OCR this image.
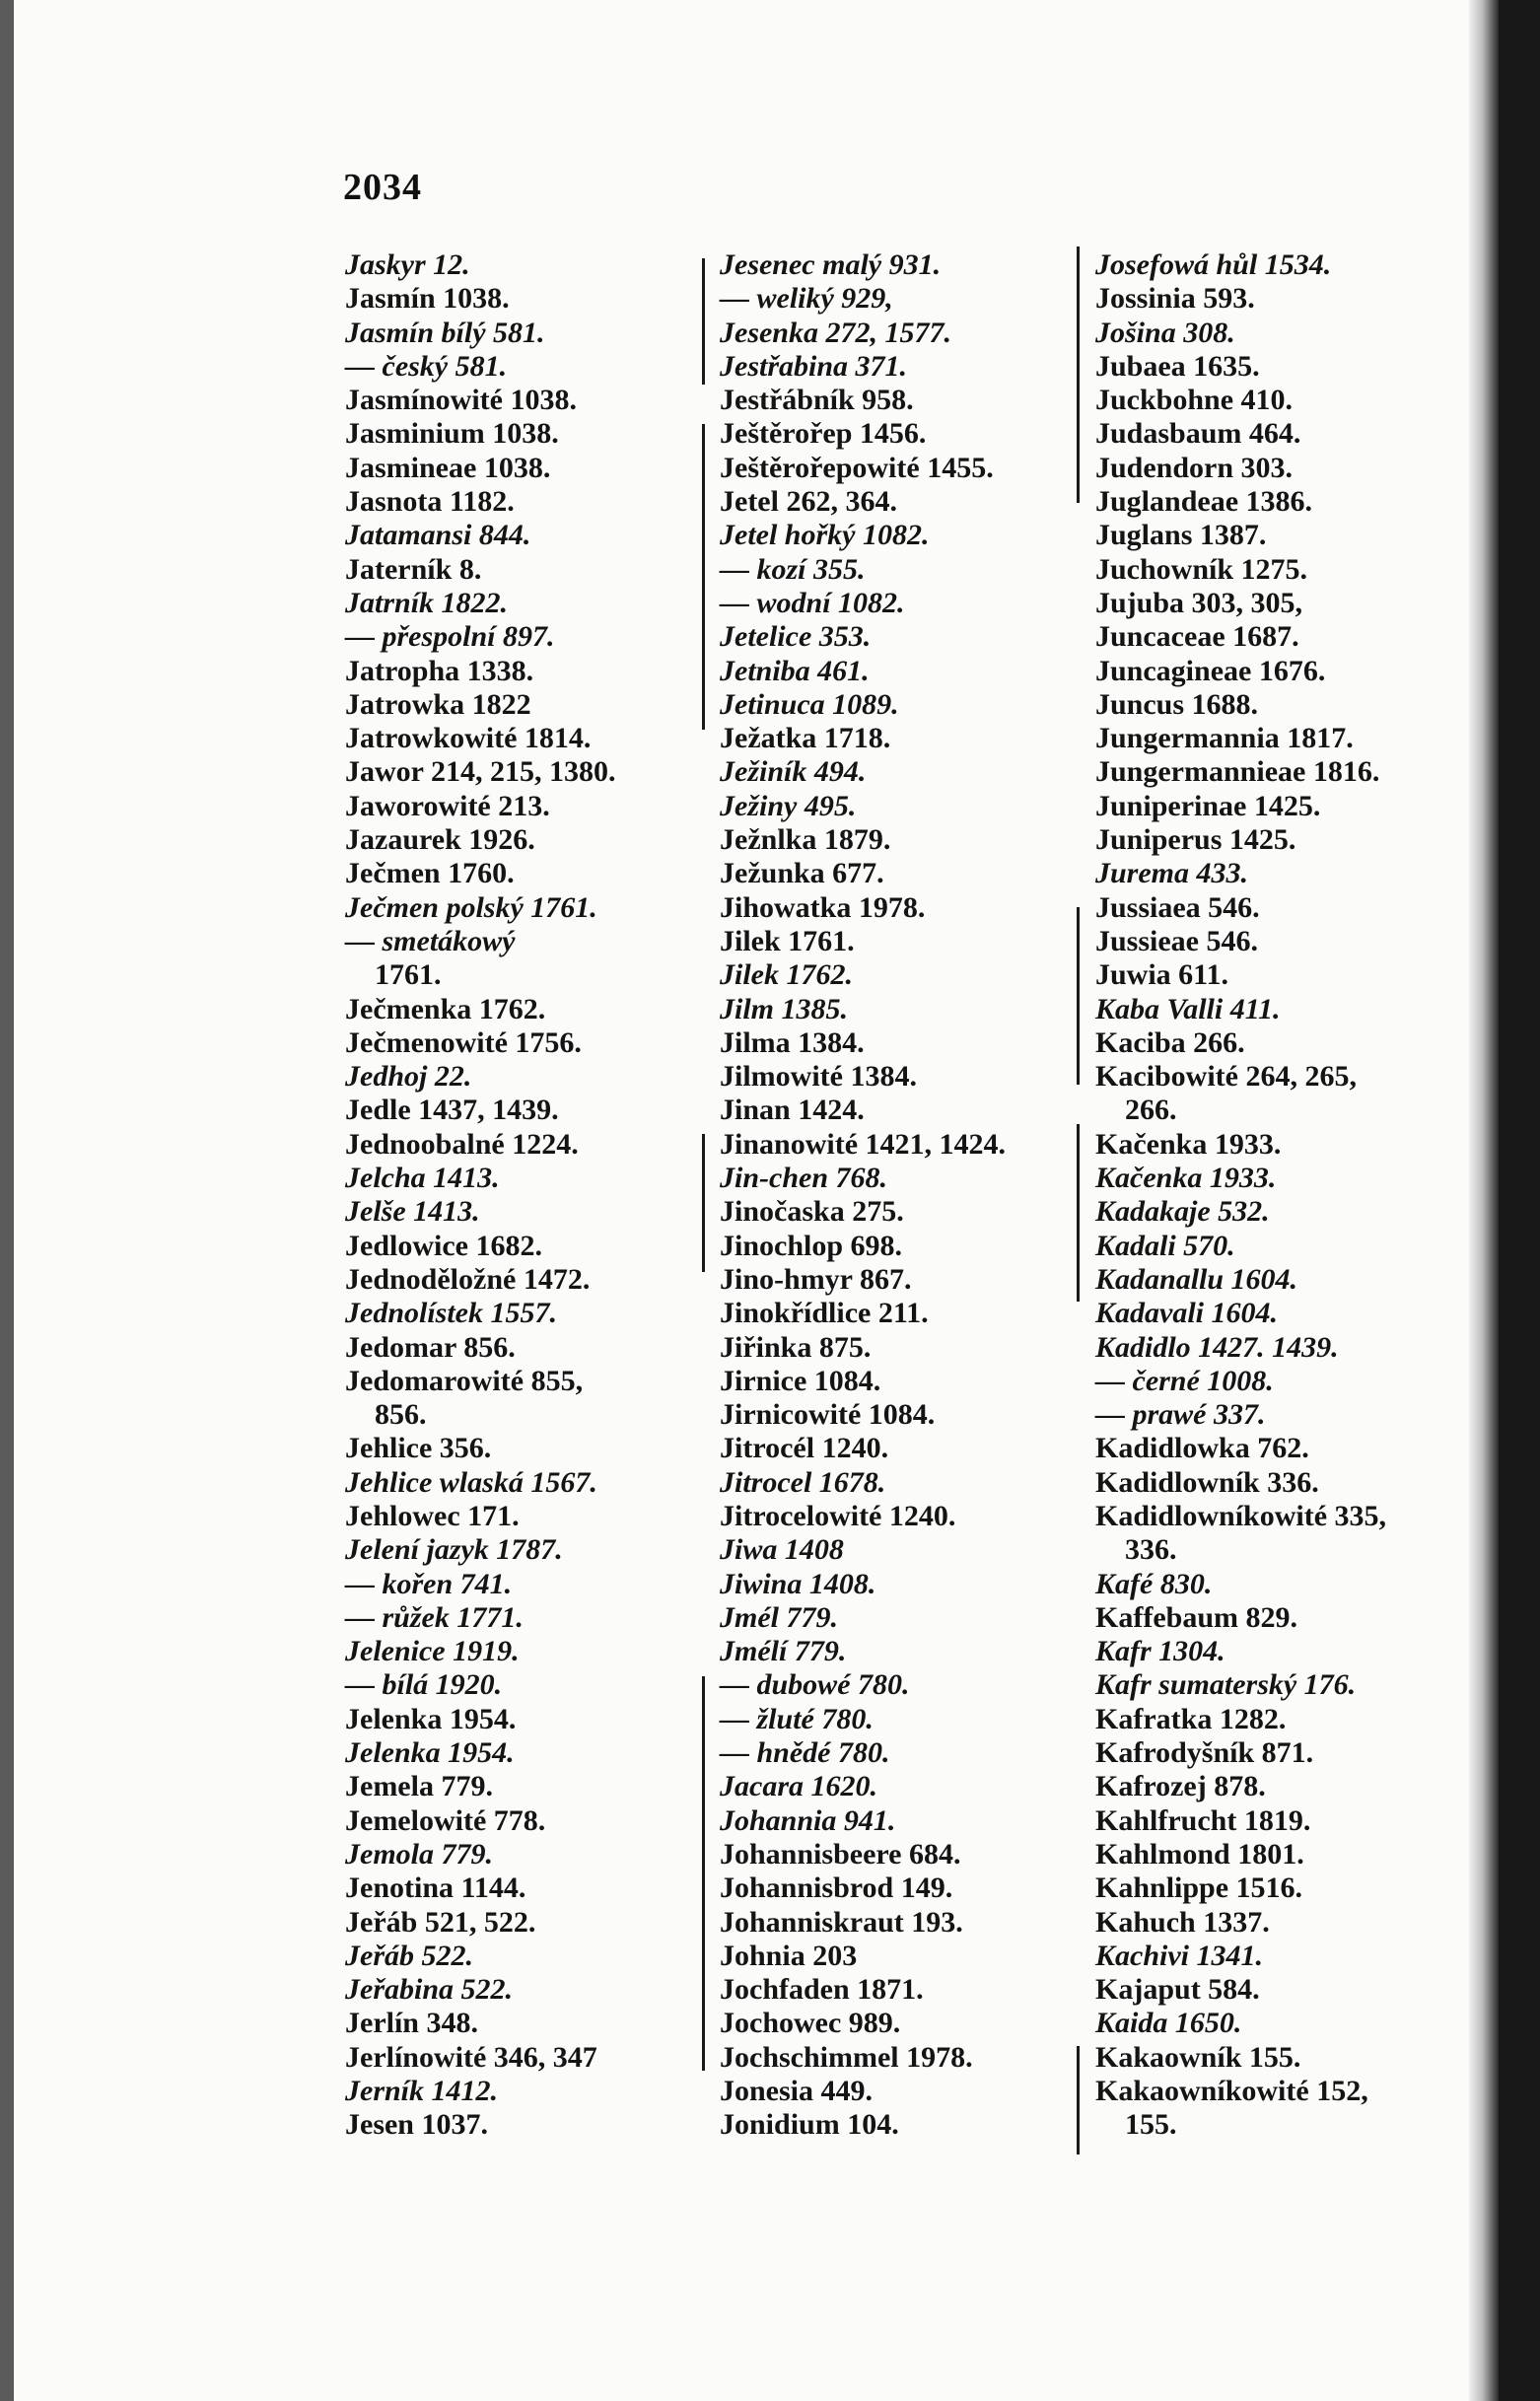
2034
Jaskyr 12.
Jasmín 1038.
Jasmín bílý 581.
— český 581.
Jasmínowité 1038.
Jasminium 1038.
Jasmineae 1038.
Jasnota 1182.
Jatamansi 844.
Jaterník 8.
Jatrník 1822.
— přespolní 897.
Jatropha 1338.
Jatrowka 1822
Jatrowkowité 1814.
Jawor 214, 215, 1380.
Jaworowité 213.
Jazaurek 1926.
Ječmen 1760.
Ječmen polský 1761.
— smetákowý
1761.
Ječmenka 1762.
Ječmenowité 1756.
Jedhoj 22.
Jedle 1437, 1439.
Jednoobalné 1224.
Jelcha 1413.
Jelše 1413.
Jedlowice 1682.
Jednoděložné 1472.
Jednolístek 1557.
Jedomar 856.
Jedomarowité 855,
856.
Jehlice 356.
Jehlice wlaská 1567.
Jehlowec 171.
Jelení jazyk 1787.
— kořen 741.
— růžek 1771.
Jelenice 1919.
— bílá 1920.
Jelenka 1954.
Jelenka 1954.
Jemela 779.
Jemelowité 778.
Jemola 779.
Jenotina 1144.
Jeřáb 521, 522.
Jeřáb 522.
Jeřabina 522.
Jerlín 348.
Jerlínowité 346, 347
Jerník 1412.
Jesen 1037.
Jesenec malý 931.
— weliký 929,
Jesenka 272, 1577.
Jestřabina 371.
Jestřábník 958.
Ještěrořep 1456.
Ještěrořepowité 1455.
Jetel 262, 364.
Jetel hořký 1082.
— kozí 355.
— wodní 1082.
Jetelice 353.
Jetniba 461.
Jetinuca 1089.
Ježatka 1718.
Ježiník 494.
Ježiny 495.
Ježnlka 1879.
Ježunka 677.
Jihowatka 1978.
Jilek 1761.
Jilek 1762.
Jilm 1385.
Jilma 1384.
Jilmowité 1384.
Jinan 1424.
Jinanowité 1421, 1424.
Jin-chen 768.
Jinočaska 275.
Jinochlop 698.
Jino-hmyr 867.
Jinokřídlice 211.
Jiřinka 875.
Jirnice 1084.
Jirnicowité 1084.
Jitrocél 1240.
Jitrocel 1678.
Jitrocelowité 1240.
Jiwa 1408
Jiwina 1408.
Jmél 779.
Jmélí 779.
— dubowé 780.
— žluté 780.
— hnědé 780.
Jacara 1620.
Johannia 941.
Johannisbeere 684.
Johannisbrod 149.
Johanniskraut 193.
Johnia 203
Jochfaden 1871.
Jochowec 989.
Jochschimmel 1978.
Jonesia 449.
Jonidium 104.
Josefowá hůl 1534.
Jossinia 593.
Jošina 308.
Jubaea 1635.
Juckbohne 410.
Judasbaum 464.
Judendorn 303.
Juglandeae 1386.
Juglans 1387.
Juchowník 1275.
Jujuba 303, 305,
Juncaceae 1687.
Juncagineae 1676.
Juncus 1688.
Jungermannia 1817.
Jungermannieae 1816.
Juniperinae 1425.
Juniperus 1425.
Jurema 433.
Jussiaea 546.
Jussieae 546.
Juwia 611.
Kaba Valli 411.
Kaciba 266.
Kacibowité 264, 265,
266.
Kačenka 1933.
Kačenka 1933.
Kadakaje 532.
Kadali 570.
Kadanallu 1604.
Kadavali 1604.
Kadidlo 1427. 1439.
— černé 1008.
— prawé 337.
Kadidlowka 762.
Kadidlowník 336.
Kadidlowníkowité 335,
336.
Kafé 830.
Kaffebaum 829.
Kafr 1304.
Kafr sumaterský 176.
Kafratka 1282.
Kafrodyšník 871.
Kafrozej 878.
Kahlfrucht 1819.
Kahlmond 1801.
Kahnlippe 1516.
Kahuch 1337.
Kachivi 1341.
Kajaput 584.
Kaida 1650.
Kakaowník 155.
Kakaowníkowité 152,
155.
